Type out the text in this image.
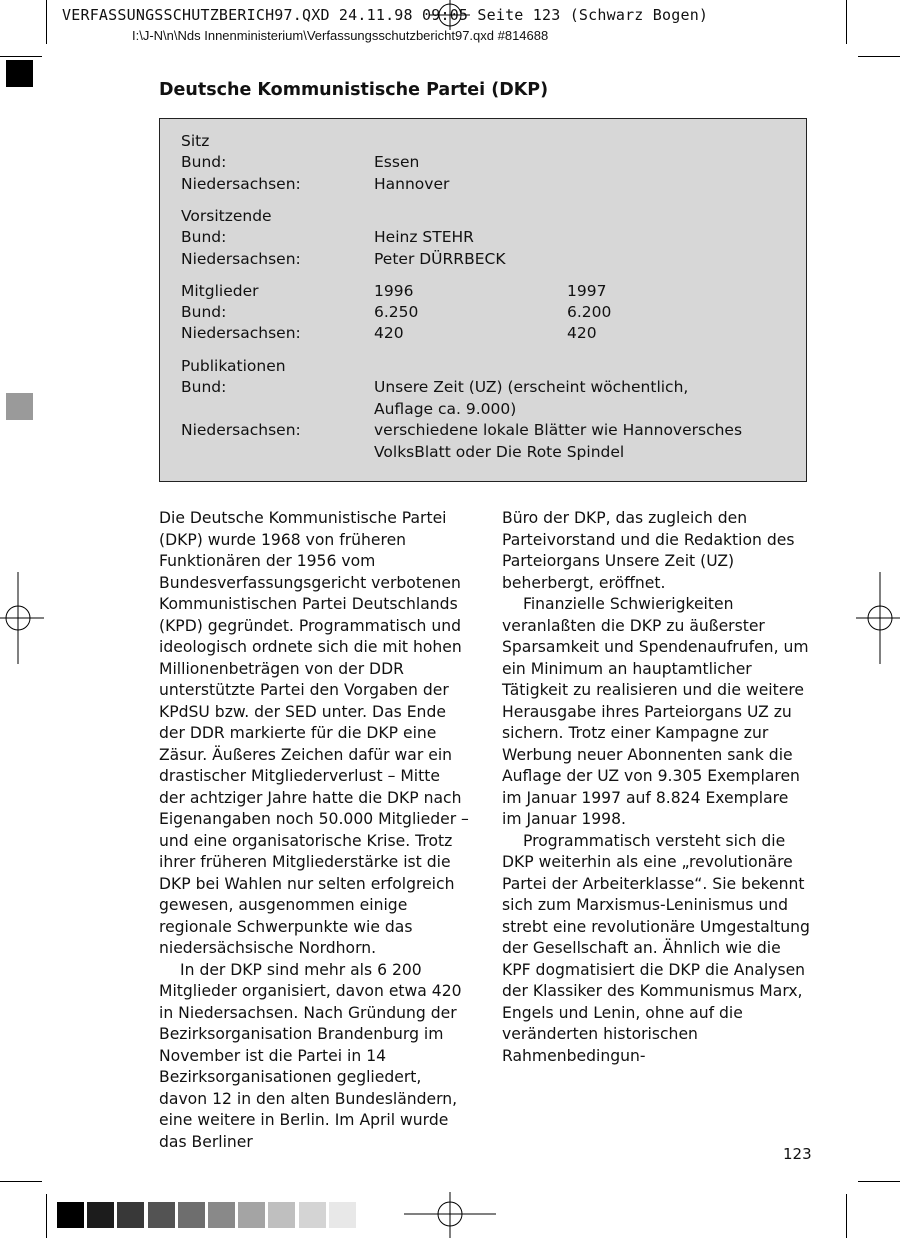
VERFASSUNGSSCHUTZBERICH97.QXD 24.11.98 09:05 Seite 123 (Schwarz Bogen)
I:\J-N\n\Nds Innenministerium\Verfassungsschutzbericht97.qxd #814688
Deutsche Kommunistische Partei (DKP)
Sitz
Bund:	Essen
Niedersachsen:	Hannover
Vorsitzende
Bund:	Heinz STEHR
Niedersachsen:	Peter DÜRRBECK
Mitglieder	1996	1997
Bund:	6.250	6.200
Niedersachsen:	420	420
Publikationen
Bund:	Unsere Zeit (UZ) (erscheint wöchentlich,
Auflage ca. 9.000)
Niedersachsen:	verschiedene lokale Blätter wie Hannoversches
VolksBlatt oder Die Rote Spindel

Die Deutsche Kommunistische Partei (DKP) wurde 1968 von früheren Funktionären der 1956 vom Bundesverfassungsgericht verbotenen Kommunistischen Partei Deutschlands (KPD) gegründet. Programmatisch und ideologisch ordnete sich die mit hohen Millionenbeträgen von der DDR unterstützte Partei den Vorgaben der KPdSU bzw. der SED unter. Das Ende der DDR markierte für die DKP eine Zäsur. Äußeres Zeichen dafür war ein drastischer Mitgliederverlust – Mitte der achtziger Jahre hatte die DKP nach Eigenangaben noch 50.000 Mitglieder – und eine organisatorische Krise. Trotz ihrer früheren Mitgliederstärke ist die DKP bei Wahlen nur selten erfolgreich gewesen, ausgenommen einige regionale Schwerpunkte wie das niedersächsische Nordhorn.

In der DKP sind mehr als 6 200 Mitglieder organisiert, davon etwa 420 in Niedersachsen. Nach Gründung der Bezirksorganisation Brandenburg im November ist die Partei in 14 Bezirksorganisationen gegliedert, davon 12 in den alten Bundesländern, eine weitere in Berlin. Im April wurde das Berliner

Büro der DKP, das zugleich den Parteivorstand und die Redaktion des Parteiorgans Unsere Zeit (UZ) beherbergt, eröffnet.

Finanzielle Schwierigkeiten veranlaßten die DKP zu äußerster Sparsamkeit und Spendenaufrufen, um ein Minimum an hauptamtlicher Tätigkeit zu realisieren und die weitere Herausgabe ihres Parteiorgans UZ zu sichern. Trotz einer Kampagne zur Werbung neuer Abonnenten sank die Auflage der UZ von 9.305 Exemplaren im Januar 1997 auf 8.824 Exemplare im Januar 1998.

Programmatisch versteht sich die DKP weiterhin als eine „revolutionäre Partei der Arbeiterklasse“. Sie bekennt sich zum Marxismus-Leninismus und strebt eine revolutionäre Umgestaltung der Gesellschaft an. Ähnlich wie die KPF dogmatisiert die DKP die Analysen der Klassiker des Kommunismus Marx, Engels und Lenin, ohne auf die veränderten historischen Rahmenbedingun-

123
